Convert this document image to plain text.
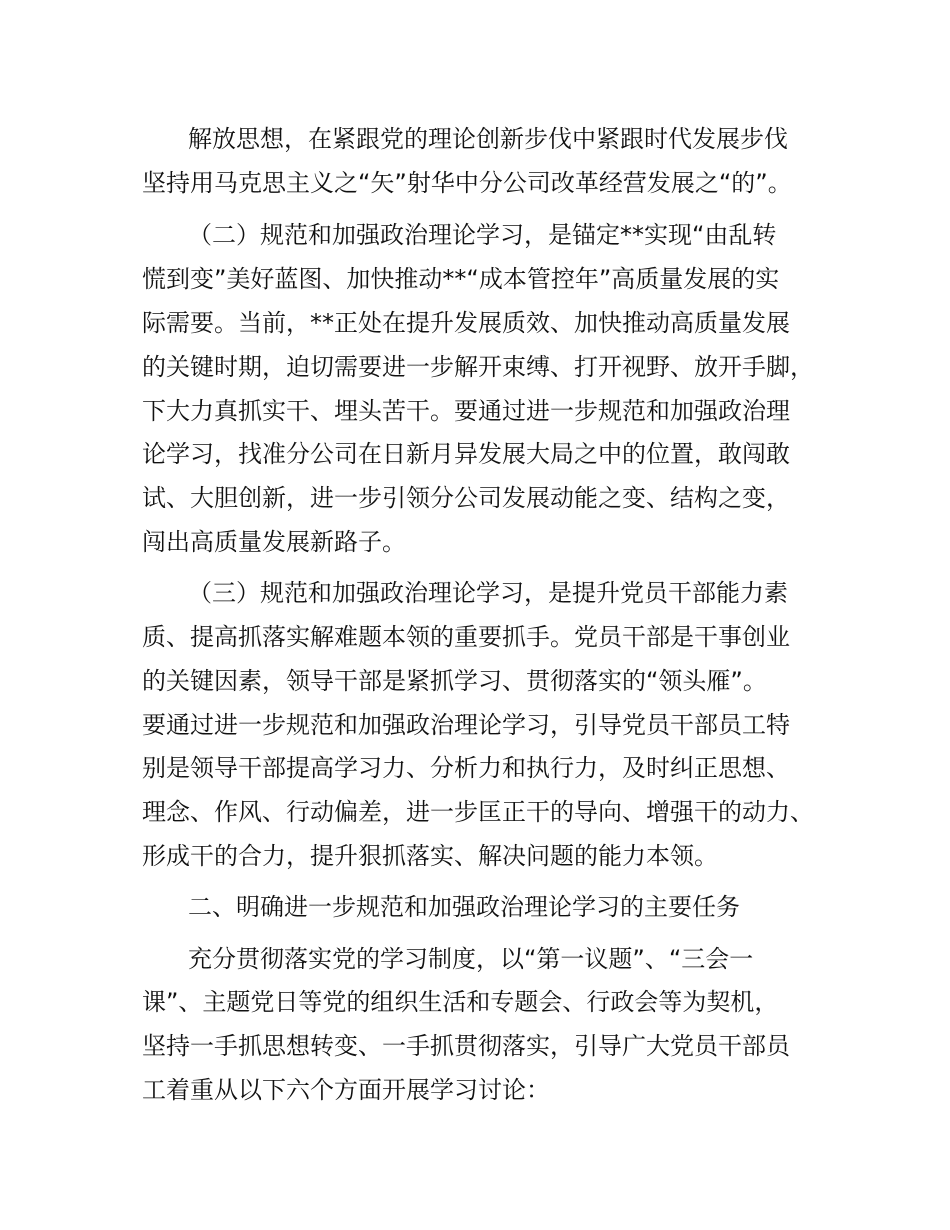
解放思想，在紧跟党的理论创新步伐中紧跟时代发展步伐

坚持用马克思主义之“矢”射华中分公司改革经营发展之“的”。

（二）规范和加强政治理论学习，是锚定**实现“由乱转

慌到变”美好蓝图、加快推动**“成本管控年”高质量发展的实

际需要。当前，**正处在提升发展质效、加快推动高质量发展

的关键时期，迫切需要进一步解开束缚、打开视野、放开手脚，

下大力真抓实干、埋头苦干。要通过进一步规范和加强政治理

论学习，找准分公司在日新月异发展大局之中的位置，敢闯敢

试、大胆创新，进一步引领分公司发展动能之变、结构之变，

闯出高质量发展新路子。

（三）规范和加强政治理论学习，是提升党员干部能力素

质、提高抓落实解难题本领的重要抓手。党员干部是干事创业

的关键因素，领导干部是紧抓学习、贯彻落实的“领头雁”。

要通过进一步规范和加强政治理论学习，引导党员干部员工特

别是领导干部提高学习力、分析力和执行力，及时纠正思想、

理念、作风、行动偏差，进一步匡正干的导向、增强干的动力、

形成干的合力，提升狠抓落实、解决问题的能力本领。

二、明确进一步规范和加强政治理论学习的主要任务

充分贯彻落实党的学习制度，以“第一议题”、“三会一

课”、主题党日等党的组织生活和专题会、行政会等为契机，

坚持一手抓思想转变、一手抓贯彻落实，引导广大党员干部员

工着重从以下六个方面开展学习讨论：
